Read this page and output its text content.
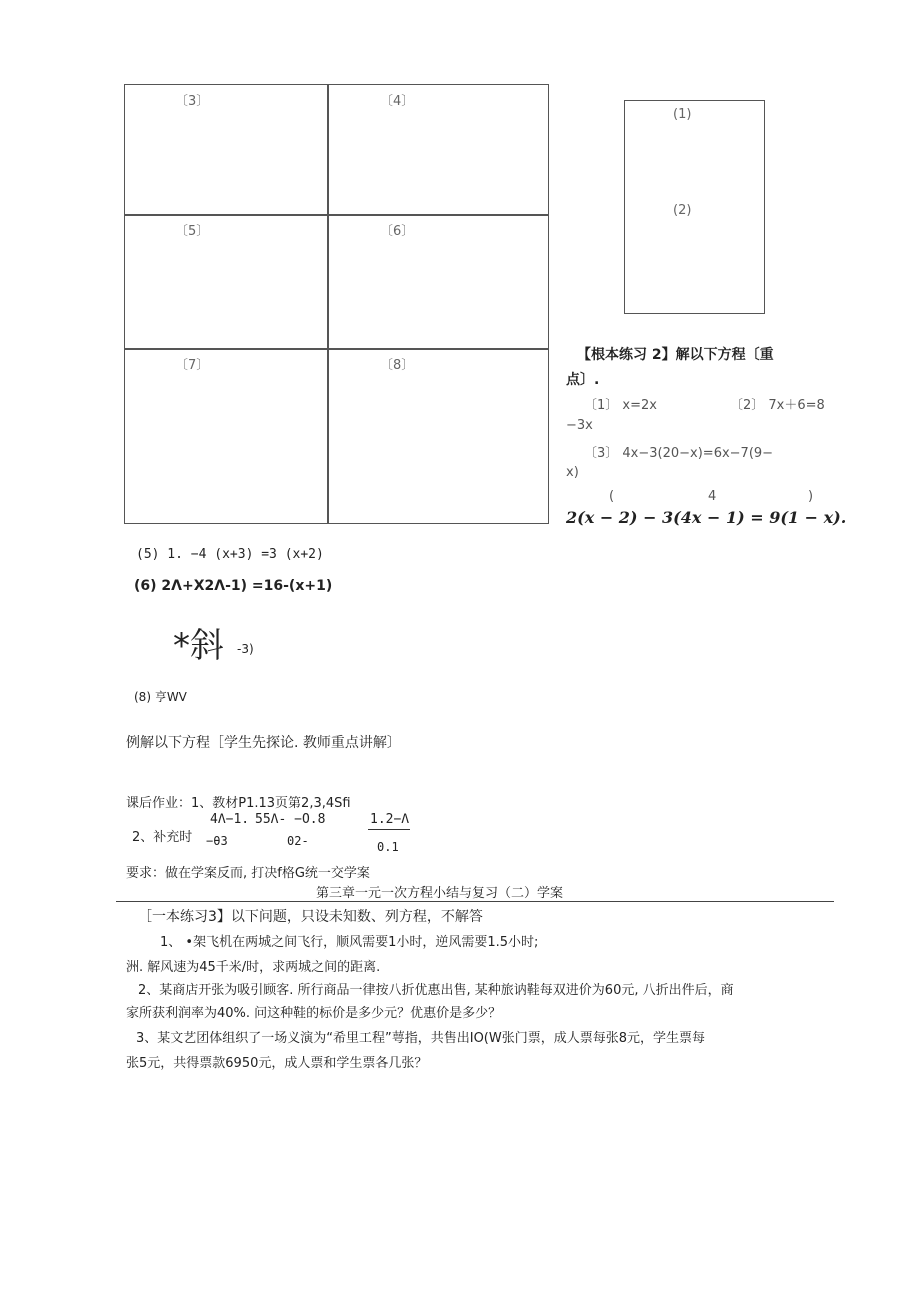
〔3〕	〔4〕
〔5〕	〔6〕
〔7〕	〔8〕
(1)
(2)
【根本练习 2】解以下方程〔重
点〕.
〔1〕 x=2x	〔2〕 7x＋6=8
−3x
〔3〕 4x−3(20−x)=6x−7(9−
x)
(	4	)
2(x − 2) − 3(4x − 1) = 9(1 − x).
(5) 1. −4 (x+3) =3 (x+2)
(6) 2Λ+X2Λ-1) =16-(x+1)
*斜 -3)
(8) 亨WV
例解以下方程［学生先探论. 教师重点讲解〕
课后作业：1、教材P1.13页第2,3,4Sfi
2、补充时
4Λ−1.
−θ3
55Λ- −O.8
02-
1.2−Λ
0.1
要求：做在学案反而, 打决f格G统一交学案
第三章一元一次方程小结与复习（二）学案
［一本练习3】以下问题，只设未知数、列方程，不解答
1、 •架飞机在两城之间飞行，顺风需要1小时，逆风需要1.5小时;
洲. 解风速为45千米/时，求两城之间的距离.
2、某商店开张为吸引顾客. 所行商品一律按八折优惠出售, 某种旅讷鞋每双进价为60元, 八折出件后，商
家所获利润率为40%. 问这种鞋的标价是多少元？优惠价是多少？
3、某文艺团体组织了一场义演为“希里工程”萼指，共售出IO(W张门票，成人票每张8元，学生票每
张5元，共得票款6950元，成人票和学生票各几张？
